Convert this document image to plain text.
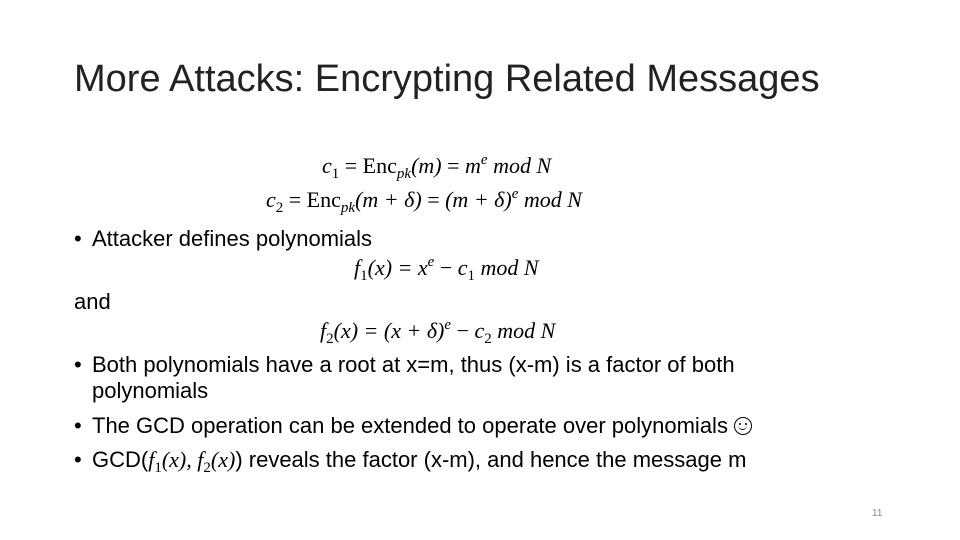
More Attacks: Encrypting Related Messages
$c_1 = Enc_{pk}(m) = m^e$ mod N
$c_2 = Enc_{pk}(m + \delta) = (m + \delta)^e$ mod N
• Attacker defines polynomials
$f_1(x) = x^e - c_1$ mod N
and
$f_2(x) = (x + \delta)^e - c_2$ mod N
• Both polynomials have a root at x=m, thus (x-m) is a factor of both
polynomials
• The GCD operation can be extended to operate over polynomials
• $GCD(f_1(x)$, $f_2(x)$) reveals the factor (x-m), and hence the message m
11
